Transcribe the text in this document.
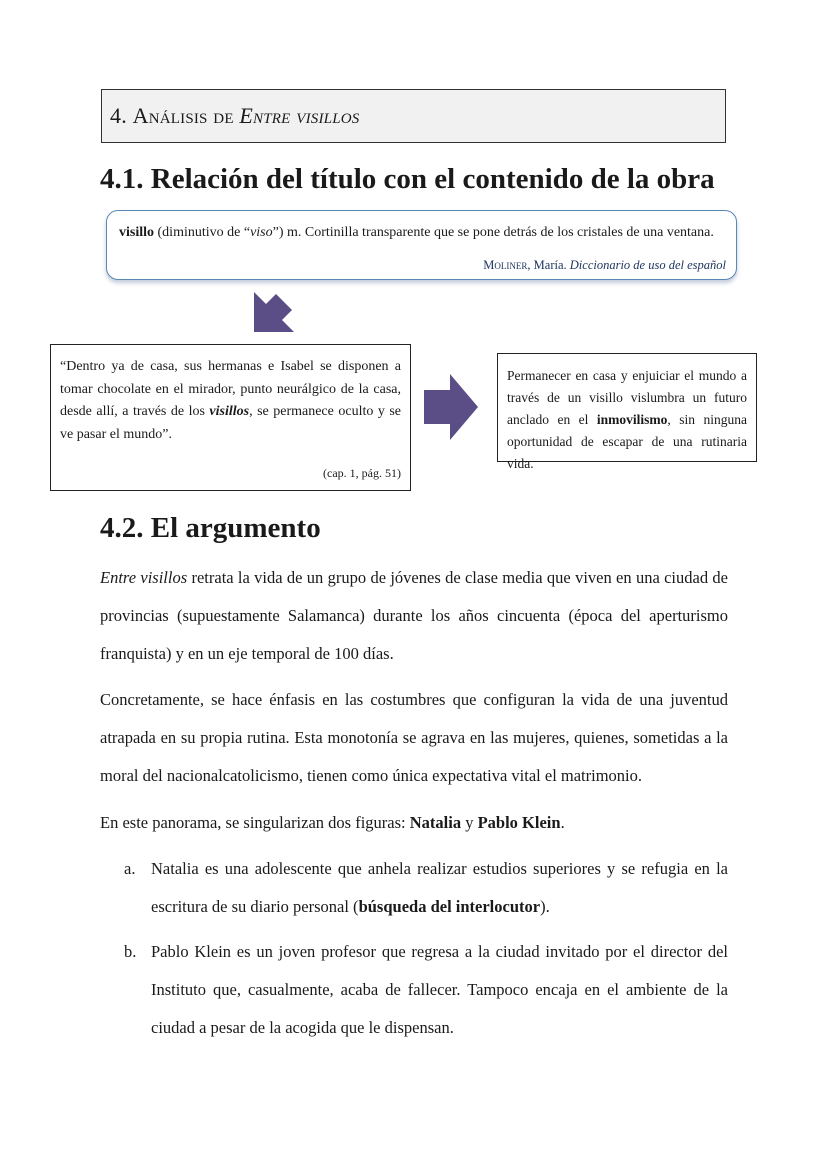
4.
Análisis de
Entre visillos
4.1. Relación del título con el contenido de la obra
visillo (diminutivo de “viso”) m. Cortinilla transparente que se pone detrás de los cristales de una ventana.
Moliner, María. Diccionario de uso del español
“Dentro ya de casa, sus hermanas e Isabel se disponen a tomar chocolate en el mirador, punto neurálgico de la casa, desde allí, a través de los visillos, se permanece oculto y se ve pasar el mundo”.
(cap. 1, pág. 51)
Permanecer en casa y enjuiciar el mundo a través de un visillo vislumbra un futuro anclado en el inmovilismo, sin ninguna oportunidad de escapar de una rutinaria vida.
4.2. El argumento
Entre visillos retrata la vida de un grupo de jóvenes de clase media que viven en una ciudad de provincias (supuestamente Salamanca) durante los años cincuenta (época del aperturismo franquista) y en un eje temporal de 100 días.
Concretamente, se hace énfasis en las costumbres que configuran la vida de una juventud atrapada en su propia rutina. Esta monotonía se agrava en las mujeres, quienes, sometidas a la moral del nacionalcatolicismo, tienen como única expectativa vital el matrimonio.
En este panorama, se singularizan dos figuras: Natalia y Pablo Klein.
a. Natalia es una adolescente que anhela realizar estudios superiores y se refugia en la escritura de su diario personal (búsqueda del interlocutor).
b. Pablo Klein es un joven profesor que regresa a la ciudad invitado por el director del Instituto que, casualmente, acaba de fallecer. Tampoco encaja en el ambiente de la ciudad a pesar de la acogida que le dispensan.
